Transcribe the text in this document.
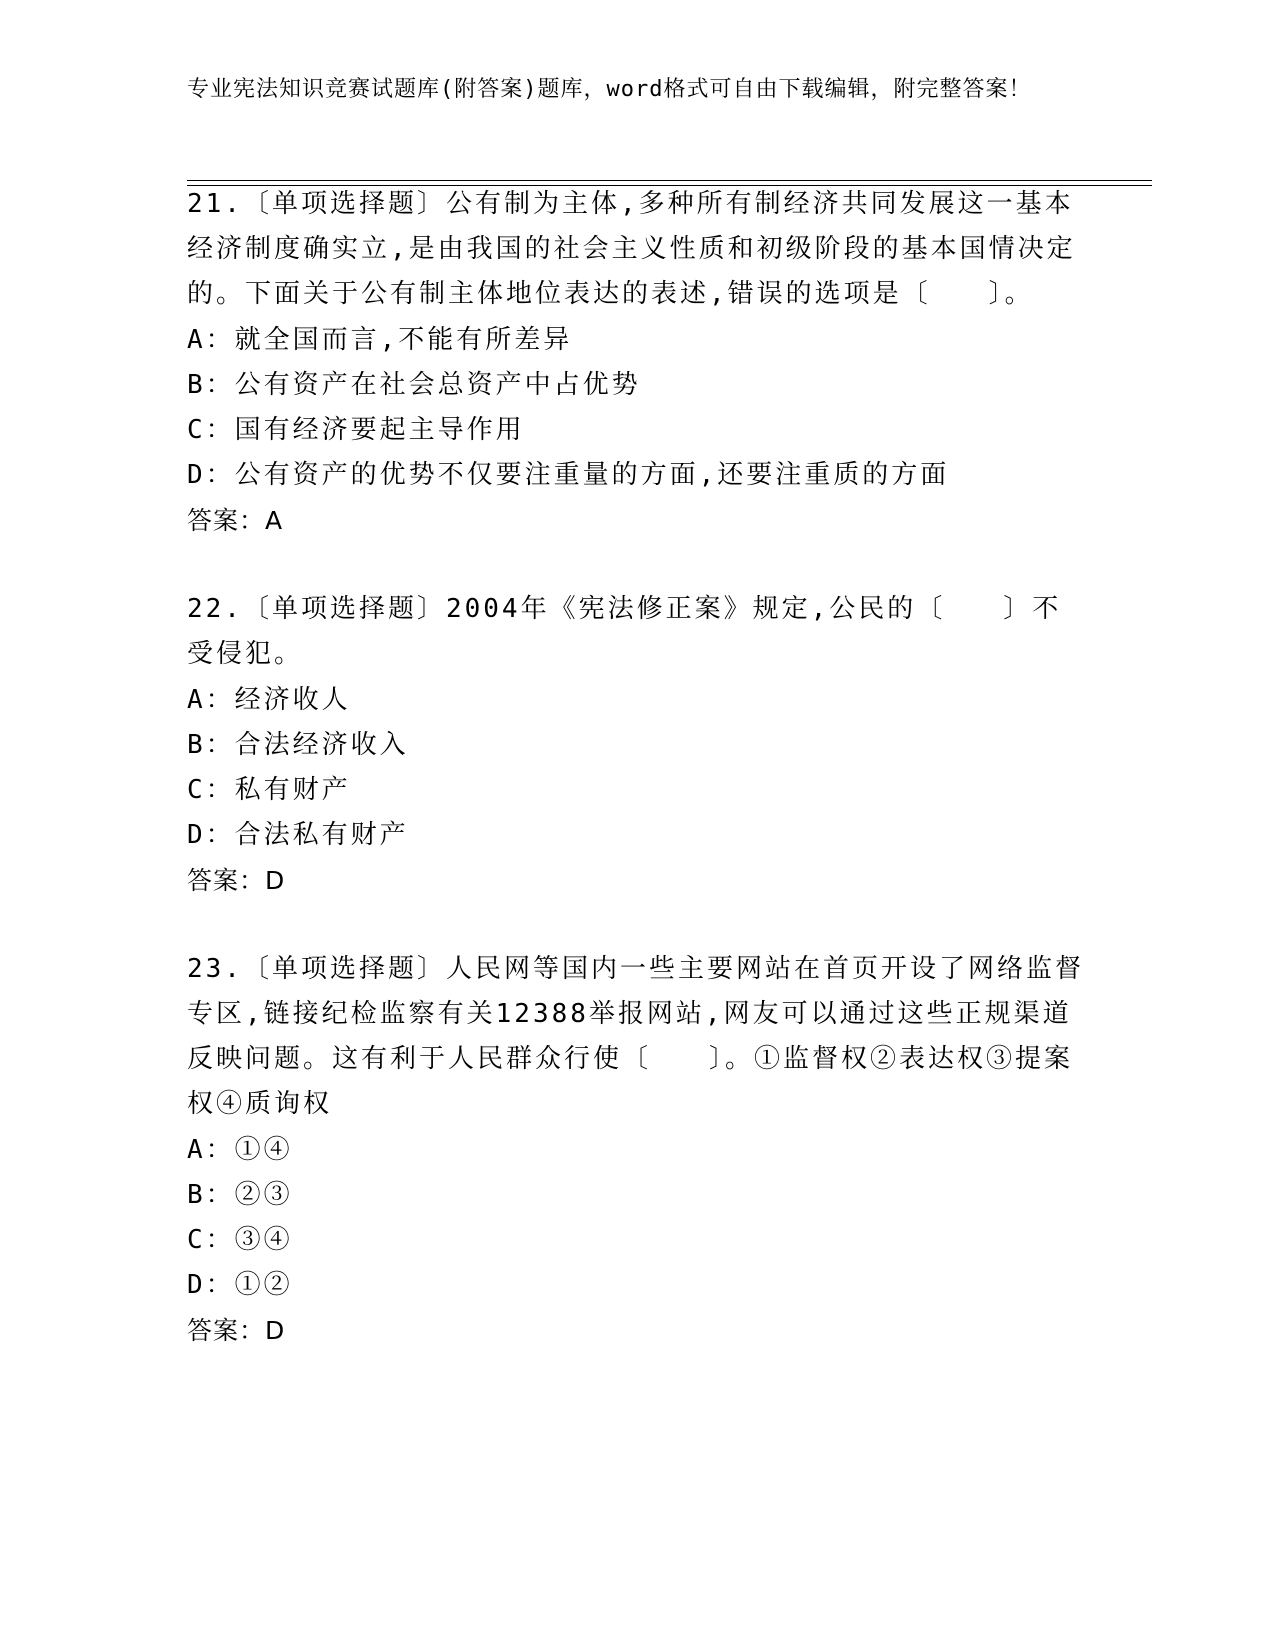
专业宪法知识竞赛试题库(附答案)题库，word格式可自由下载编辑，附完整答案！

21.〔单项选择题〕公有制为主体,多种所有制经济共同发展这一基本经济制度确实立,是由我国的社会主义性质和初级阶段的基本国情决定的。下面关于公有制主体地位表达的表述,错误的选项是〔　　〕。

A：就全国而言,不能有所差异

B：公有资产在社会总资产中占优势

C：国有经济要起主导作用

D：公有资产的优势不仅要注重量的方面,还要注重质的方面

答案：A

22.〔单项选择题〕2004年《宪法修正案》规定,公民的〔　　〕不受侵犯。

A：经济收人

B：合法经济收入

C：私有财产

D：合法私有财产

答案：D

23.〔单项选择题〕人民网等国内一些主要网站在首页开设了网络监督专区,链接纪检监察有关12388举报网站,网友可以通过这些正规渠道反映问题。这有利于人民群众行使〔　　〕。①监督权②表达权③提案权④质询权

A：①④

B：②③

C：③④

D：①②

答案：D
